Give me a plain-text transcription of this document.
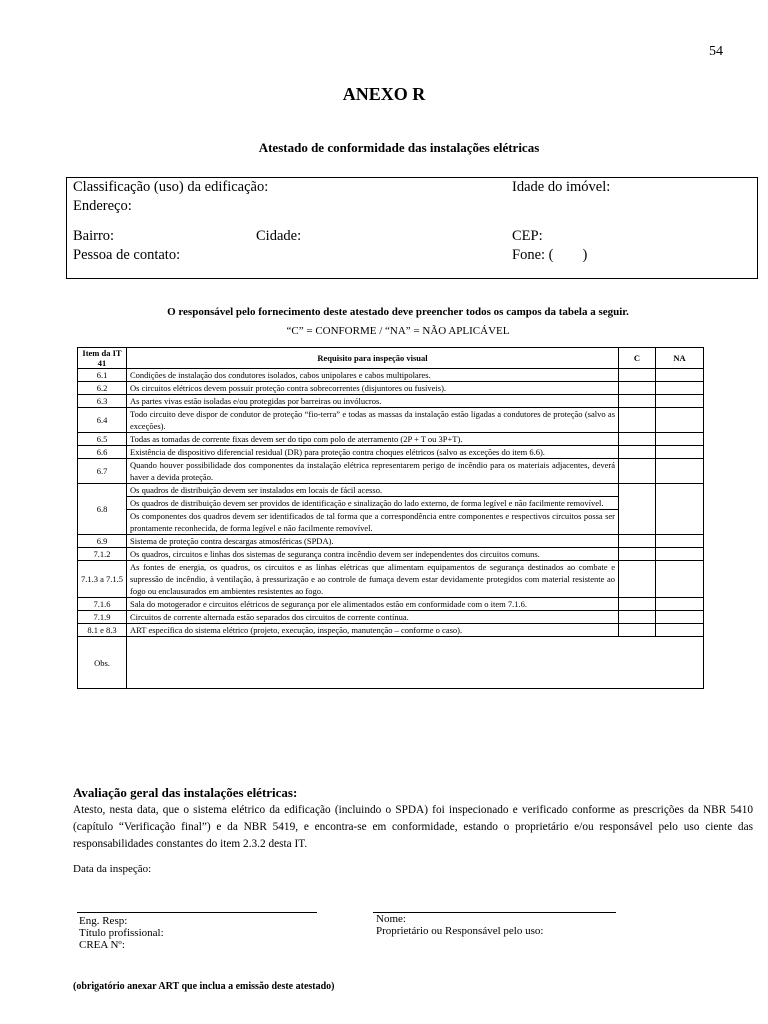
54
ANEXO R
Atestado de conformidade das instalações elétricas
Classificação (uso) da edificação:	Idade do imóvel:
Endereço:
Bairro:	Cidade:	CEP:
Pessoa de contato:	Fone: (        )
O responsável pelo fornecimento deste atestado deve preencher todos os campos da tabela a seguir.
“C” = CONFORME / “NA” = NÃO APLICÁVEL
Item da IT 41	Requisito para inspeção visual	C	NA
6.1	Condições de instalação dos condutores isolados, cabos unipolares e cabos multipolares.		

6.2	Os circuitos elétricos devem possuir proteção contra sobrecorrentes (disjuntores ou fusíveis).		

6.3	As partes vivas estão isoladas e/ou protegidas por barreiras ou invólucros.		

6.4	Todo circuito deve dispor de condutor de proteção “fio-terra” e todas as massas da instalação estão ligadas a condutores de proteção (salvo as exceções).		

6.5	Todas as tomadas de corrente fixas devem ser do tipo com polo de aterramento (2P + T ou 3P+T).		

6.6	Existência de dispositivo diferencial residual (DR) para proteção contra choques elétricos (salvo as exceções do item 6.6).		

6.7	Quando houver possibilidade dos componentes da instalação elétrica representarem perigo de incêndio para os materiais adjacentes, deverá haver a devida proteção.		

6.8	Os quadros de distribuição devem ser instalados em locais de fácil acesso.
Os quadros de distribuição devem ser providos de identificação e sinalização do lado externo, de forma legível e não facilmente removível.
Os componentes dos quadros devem ser identificados de tal forma que a correspondência entre componentes e respectivos circuitos possa ser prontamente reconhecida, de forma legível e não facilmente removível.		

6.9	Sistema de proteção contra descargas atmosféricas (SPDA).		

7.1.2	Os quadros, circuitos e linhas dos sistemas de segurança contra incêndio devem ser independentes dos circuitos comuns.		

7.1.3 a 7.1.5	As fontes de energia, os quadros, os circuitos e as linhas elétricas que alimentam equipamentos de segurança destinados ao combate e supressão de incêndio, à ventilação, à pressurização e ao controle de fumaça devem estar devidamente protegidos com material resistente ao fogo ou enclausurados em ambientes resistentes ao fogo.		

7.1.6	Sala do motogerador e circuitos elétricos de segurança por ele alimentados estão em conformidade com o item 7.1.6.		

7.1.9	Circuitos de corrente alternada estão separados dos circuitos de corrente contínua.		

8.1 e 8.3	ART específica do sistema elétrico (projeto, execução, inspeção, manutenção – conforme o caso).		

Obs.			
Avaliação geral das instalações elétricas:
Atesto, nesta data, que o sistema elétrico da edificação (incluindo o SPDA) foi inspecionado e verificado conforme as prescrições da NBR 5410 (capítulo “Verificação final”) e da NBR 5419, e encontra-se em conformidade, estando o proprietário e/ou responsável pelo uso ciente das responsabilidades constantes do item 2.3.2 desta IT.
Data da inspeção:
Eng. Resp:
Título profissional:
CREA Nº:
Nome:
Proprietário ou Responsável pelo uso:
(obrigatório anexar ART que inclua a emissão deste atestado)
